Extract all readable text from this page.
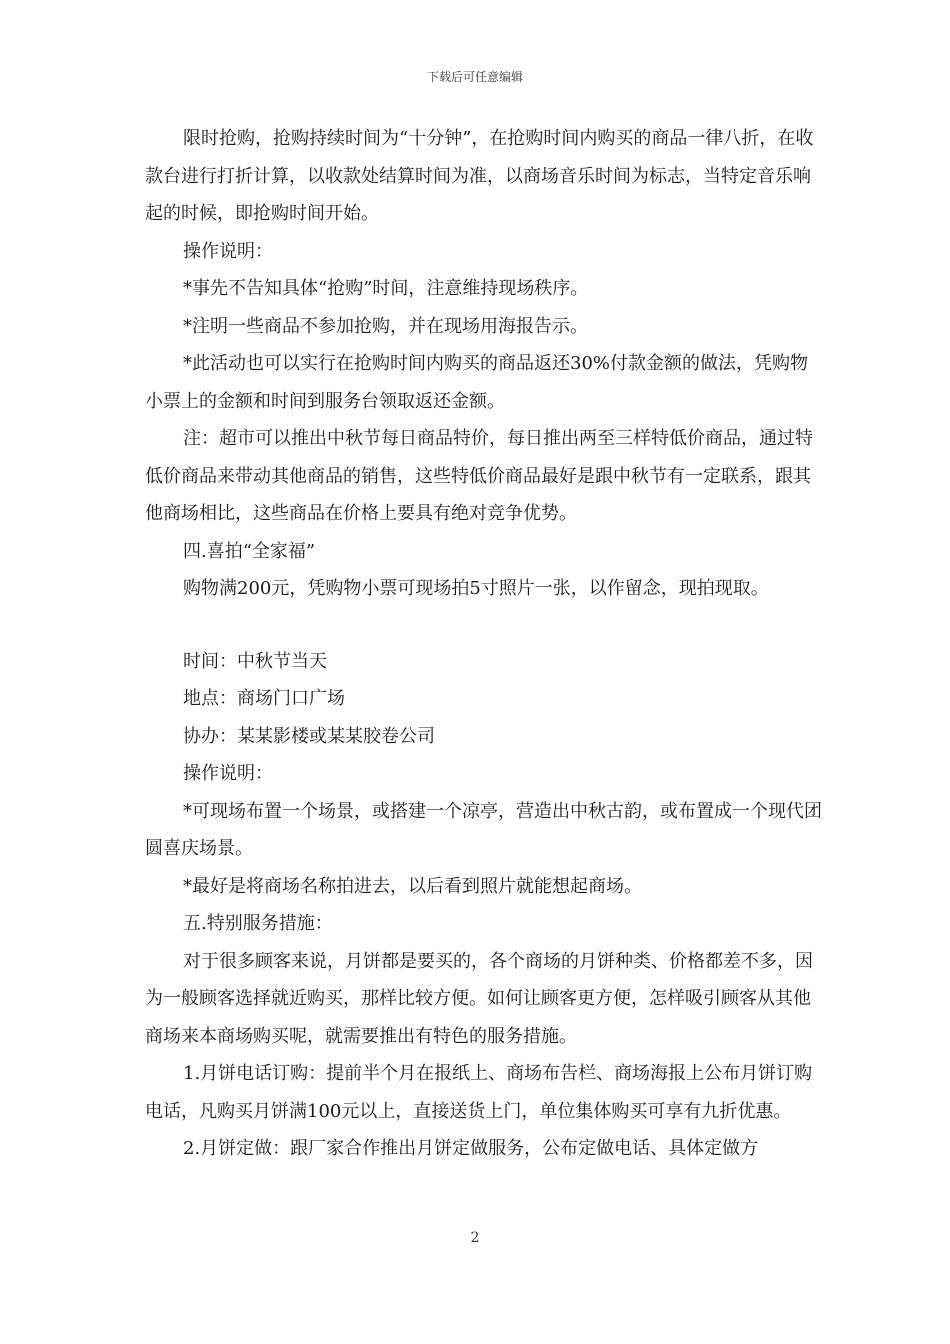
下载后可任意编辑

限时抢购，抢购持续时间为“十分钟”，在抢购时间内购买的商品一律八折，在收款台进行打折计算，以收款处结算时间为准，以商场音乐时间为标志，当特定音乐响起的时候，即抢购时间开始。

操作说明：

*事先不告知具体“抢购”时间，注意维持现场秩序。

*注明一些商品不参加抢购，并在现场用海报告示。

*此活动也可以实行在抢购时间内购买的商品返还30%付款金额的做法，凭购物小票上的金额和时间到服务台领取返还金额。

注：超市可以推出中秋节每日商品特价，每日推出两至三样特低价商品，通过特低价商品来带动其他商品的销售，这些特低价商品最好是跟中秋节有一定联系，跟其他商场相比，这些商品在价格上要具有绝对竞争优势。

四.喜拍“全家福”

购物满200元，凭购物小票可现场拍5寸照片一张，以作留念，现拍现取。

时间：中秋节当天

地点：商场门口广场

协办：某某影楼或某某胶卷公司

操作说明：

*可现场布置一个场景，或搭建一个凉亭，营造出中秋古韵，或布置成一个现代团圆喜庆场景。

*最好是将商场名称拍进去，以后看到照片就能想起商场。

五.特别服务措施：

对于很多顾客来说，月饼都是要买的，各个商场的月饼种类、价格都差不多，因为一般顾客选择就近购买，那样比较方便。如何让顾客更方便，怎样吸引顾客从其他商场来本商场购买呢，就需要推出有特色的服务措施。

1.月饼电话订购：提前半个月在报纸上、商场布告栏、商场海报上公布月饼订购电话，凡购买月饼满100元以上，直接送货上门，单位集体购买可享有九折优惠。

2.月饼定做：跟厂家合作推出月饼定做服务，公布定做电话、具体定做方

2
